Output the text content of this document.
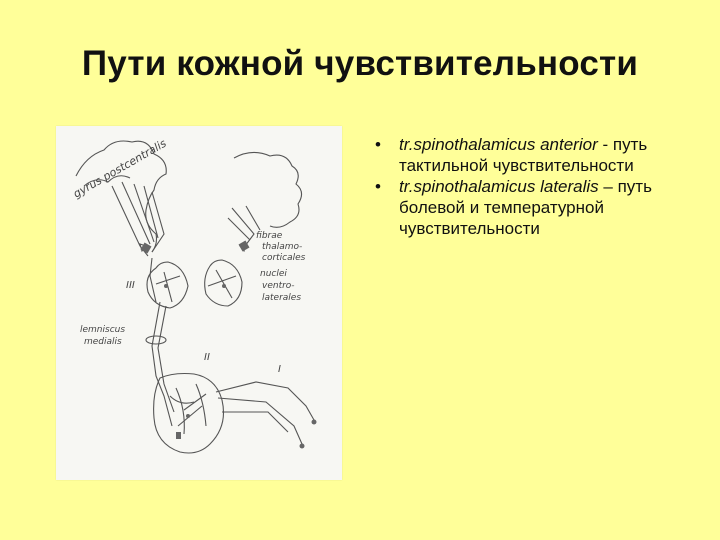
Пути кожной чувствительности
gyrus postcentralis
fibrae
thalamo-
corticales
nuclei
ventro-
laterales
lemniscus
medialis
III
II
I
• tr.spinothalamicus anterior - путь тактильной чувствительности
• tr.spinothalamicus lateralis – путь болевой и температурной чувствительности
